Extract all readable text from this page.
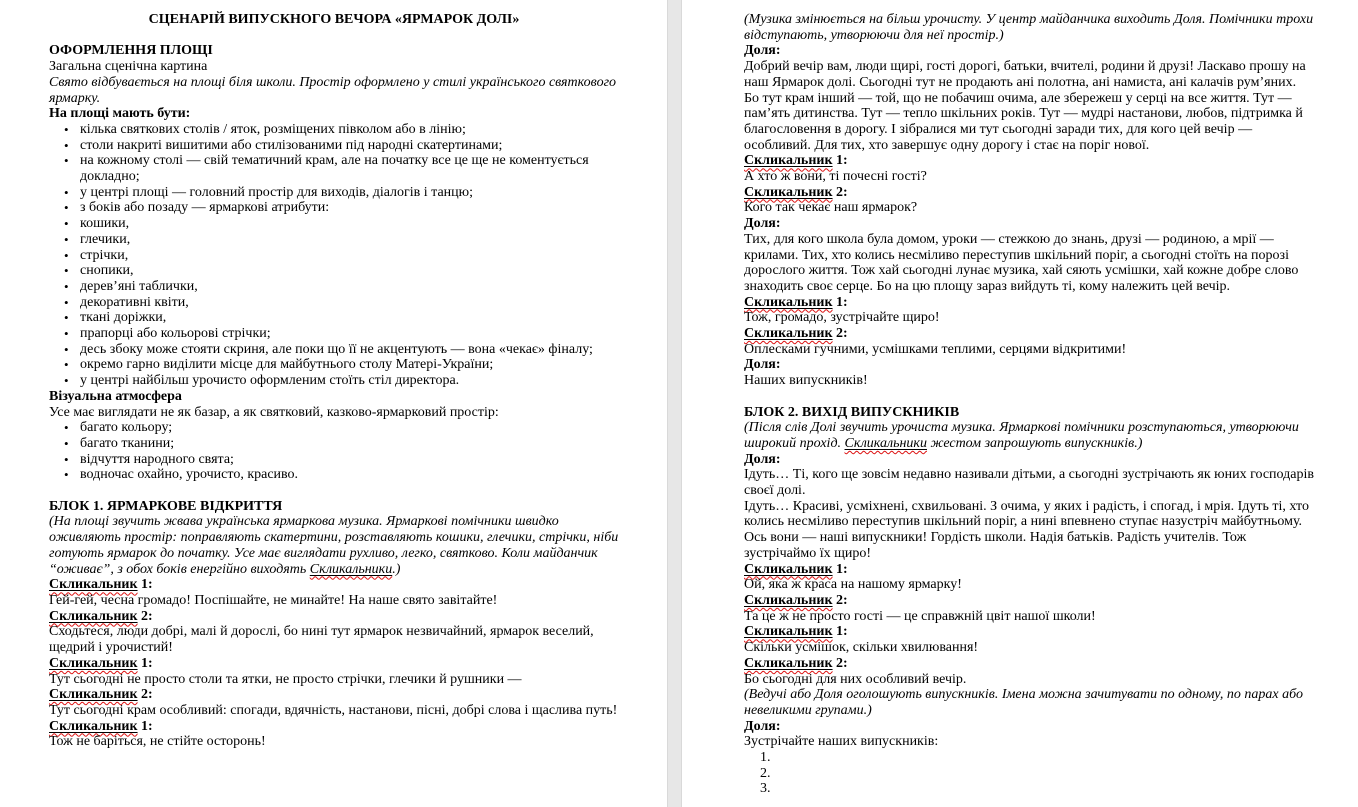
СЦЕНАРІЙ ВИПУСКНОГО ВЕЧОРА «ЯРМАРОК ДОЛІ»
ОФОРМЛЕННЯ ПЛОЩІ
Загальна сценічна картина
Свято відбувається на площі біля школи. Простір оформлено у стилі українського святкового ярмарку.
На площі мають бути:
• кілька святкових столів / яток, розміщених півколом або в лінію;
• столи накриті вишитими або стилізованими під народні скатертинами;
• на кожному столі — свій тематичний крам, але на початку все це ще не коментується докладно;
• у центрі площі — головний простір для виходів, діалогів і танцю;
• з боків або позаду — ярмаркові атрибути:
• кошики,
• глечики,
• стрічки,
• снопики,
• дерев’яні таблички,
• декоративні квіти,
• ткані доріжки,
• прапорці або кольорові стрічки;
• десь збоку може стояти скриня, але поки що її не акцентують — вона «чекає» фіналу;
• окремо гарно виділити місце для майбутнього столу Матері-України;
• у центрі найбільш урочисто оформленим стоїть стіл директора.
Візуальна атмосфера
Усе має виглядати не як базар, а як святковий, казково-ярмарковий простір:
• багато кольору;
• багато тканини;
• відчуття народного свята;
• водночас охайно, урочисто, красиво.
БЛОК 1. ЯРМАРКОВЕ ВІДКРИТТЯ
(На площі звучить жвава українська ярмаркова музика. Ярмаркові помічники швидко оживляють простір: поправляють скатертини, розставляють кошики, глечики, стрічки, ніби готують ярмарок до початку. Усе має виглядати рухливо, легко, святково. Коли майданчик “оживає”, з обох боків енергійно виходять Скликальники.)
Скликальник 1:
Гей-гей, чесна громадо! Поспішайте, не минайте! На наше свято завітайте!
Скликальник 2:
Сходьтеся, люди добрі, малі й дорослі, бо нині тут ярмарок незвичайний, ярмарок веселий, щедрий і урочистий!
Скликальник 1:
Тут сьогодні не просто столи та ятки, не просто стрічки, глечики й рушники —
Скликальник 2:
Тут сьогодні крам особливий: спогади, вдячність, настанови, пісні, добрі слова і щаслива путь!
Скликальник 1:
Тож не баріться, не стійте осторонь!
(Музика змінюється на більш урочисту. У центр майданчика виходить Доля. Помічники трохи відступають, утворюючи для неї простір.)
Доля:
Добрий вечір вам, люди щирі, гості дорогі, батьки, вчителі, родини й друзі! Ласкаво прошу на наш Ярмарок долі. Сьогодні тут не продають ані полотна, ані намиста, ані калачів рум’яних. Бо тут крам інший — той, що не побачиш очима, але збережеш у серці на все життя. Тут — пам’ять дитинства. Тут — тепло шкільних років. Тут — мудрі настанови, любов, підтримка й благословення в дорогу. І зібралися ми тут сьогодні заради тих, для кого цей вечір — особливий. Для тих, хто завершує одну дорогу і стає на поріг нової.
Скликальник 1:
А хто ж вони, ті почесні гості?
Скликальник 2:
Кого так чекає наш ярмарок?
Доля:
Тих, для кого школа була домом, уроки — стежкою до знань, друзі — родиною, а мрії — крилами. Тих, хто колись несміливо переступив шкільний поріг, а сьогодні стоїть на порозі дорослого життя. Тож хай сьогодні лунає музика, хай сяють усмішки, хай кожне добре слово знаходить своє серце. Бо на цю площу зараз вийдуть ті, кому належить цей вечір.
Скликальник 1:
Тож, громадо, зустрічайте щиро!
Скликальник 2:
Оплесками гучними, усмішками теплими, серцями відкритими!
Доля:
Наших випускників!
БЛОК 2. ВИХІД ВИПУСКНИКІВ
(Після слів Долі звучить урочиста музика. Ярмаркові помічники розступаються, утворюючи широкий прохід. Скликальники жестом запрошують випускників.)
Доля:
Ідуть… Ті, кого ще зовсім недавно називали дітьми, а сьогодні зустрічають як юних господарів своєї долі.
Ідуть… Красиві, усміхнені, схвильовані. З очима, у яких і радість, і спогад, і мрія. Ідуть ті, хто колись несміливо переступив шкільний поріг, а нині впевнено ступає назустріч майбутньому. Ось вони — наші випускники! Гордість школи. Надія батьків. Радість учителів. Тож зустрічаймо їх щиро!
Скликальник 1:
Ой, яка ж краса на нашому ярмарку!
Скликальник 2:
Та це ж не просто гості — це справжній цвіт нашої школи!
Скликальник 1:
Скільки усмішок, скільки хвилювання!
Скликальник 2:
Бо сьогодні для них особливий вечір.
(Ведучі або Доля оголошують випускників. Імена можна зачитувати по одному, по парах або невеликими групами.)
Доля:
Зустрічайте наших випускників:
1.
2.
3.
